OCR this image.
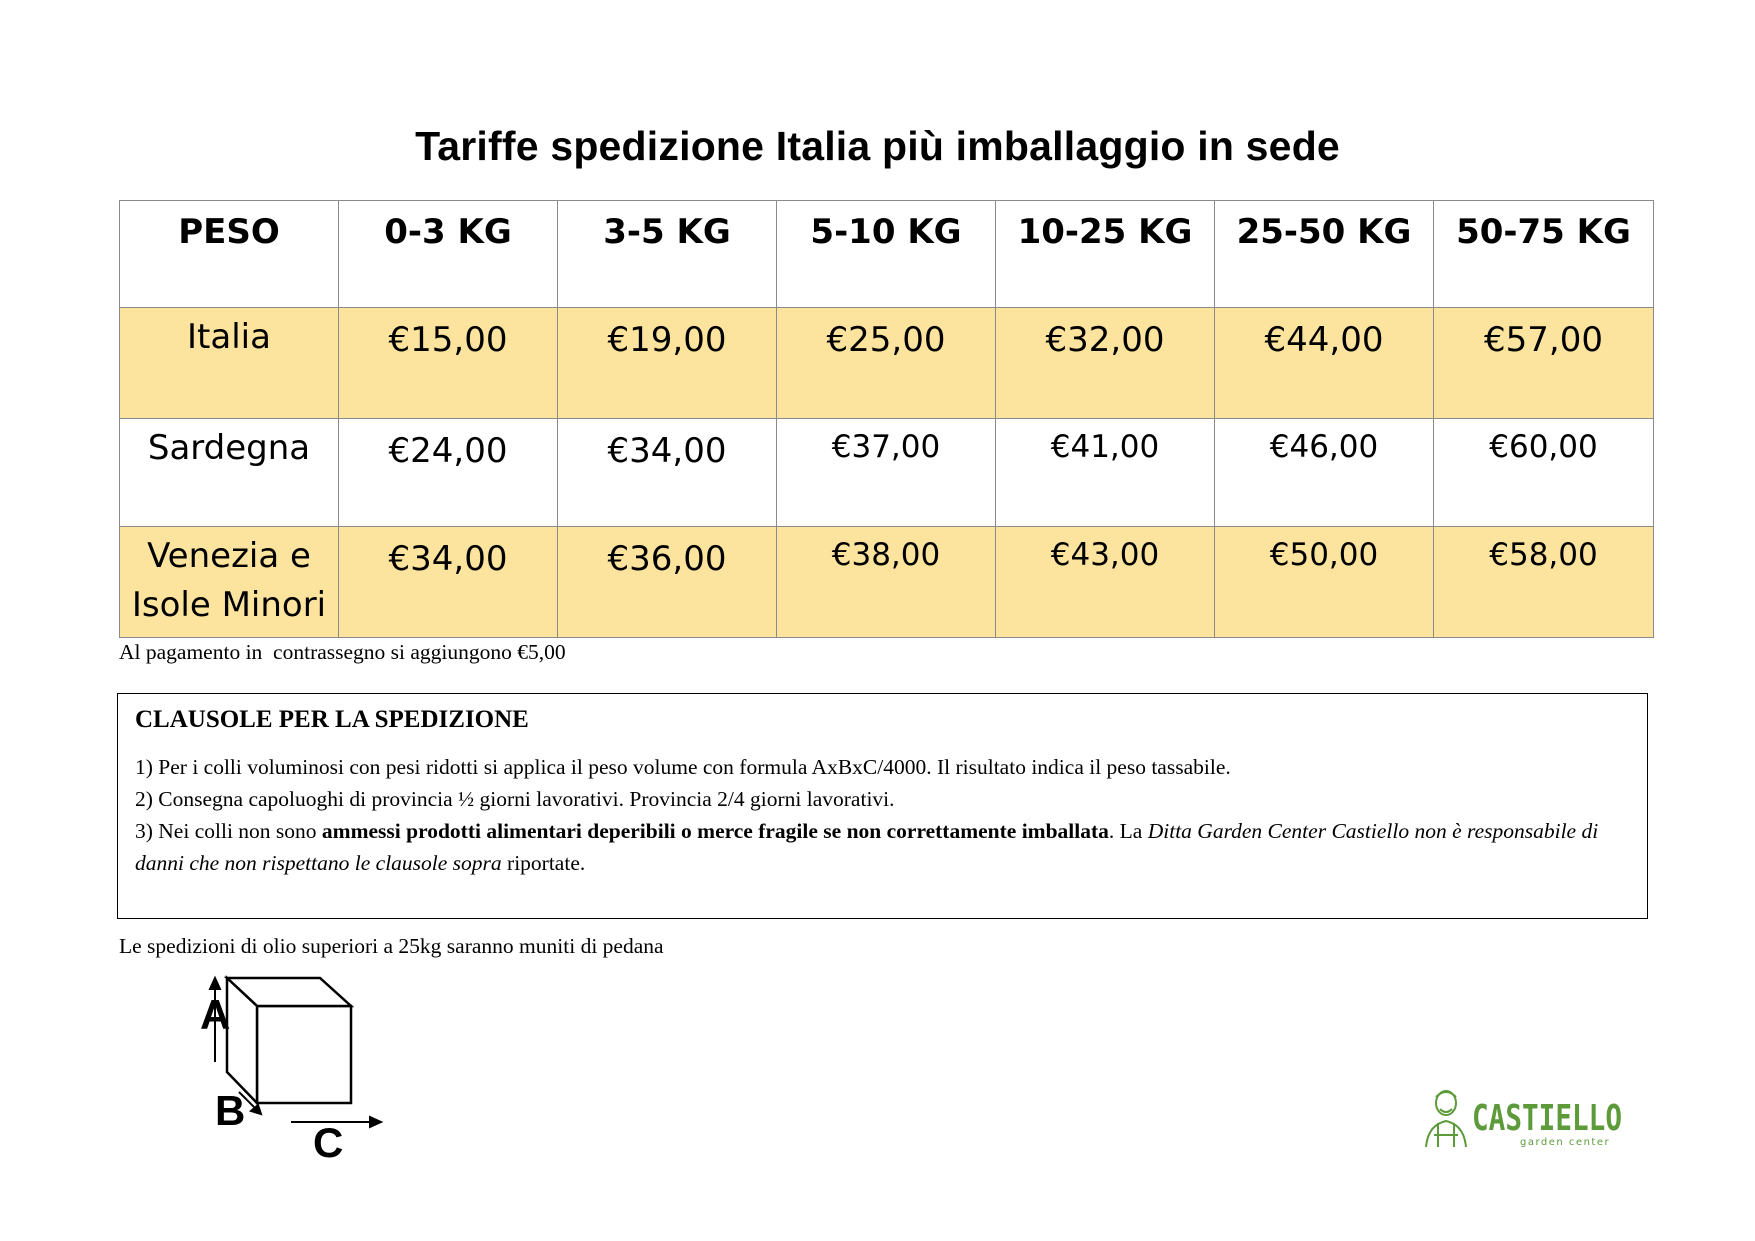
Tariffe spedizione Italia più imballaggio in sede
PESO	0-3 KG	3-5 KG	5-10 KG	10-25 KG	25-50 KG	50-75 KG
Italia	€15,00	€19,00	€25,00	€32,00	€44,00	€57,00
Sardegna	€24,00	€34,00	€37,00	€41,00	€46,00	€60,00
Venezia e
Isole Minori	€34,00	€36,00	€38,00	€43,00	€50,00	€58,00
Al pagamento in  contrassegno si aggiungono €5,00
CLAUSOLE PER LA SPEDIZIONE
1) Per i colli voluminosi con pesi ridotti si applica il peso volume con formula AxBxC/4000. Il risultato indica il peso tassabile.
2) Consegna capoluoghi di provincia ½ giorni lavorativi. Provincia 2/4 giorni lavorativi.
3) Nei colli non sono ammessi prodotti alimentari deperibili o merce fragile se non correttamente imballata. La Ditta Garden Center Castiello non è responsabile di danni che non rispettano le clausole sopra riportate.
Le spedizioni di olio superiori a 25kg saranno muniti di pedana
A
B
C
CASTIELLO
garden center
